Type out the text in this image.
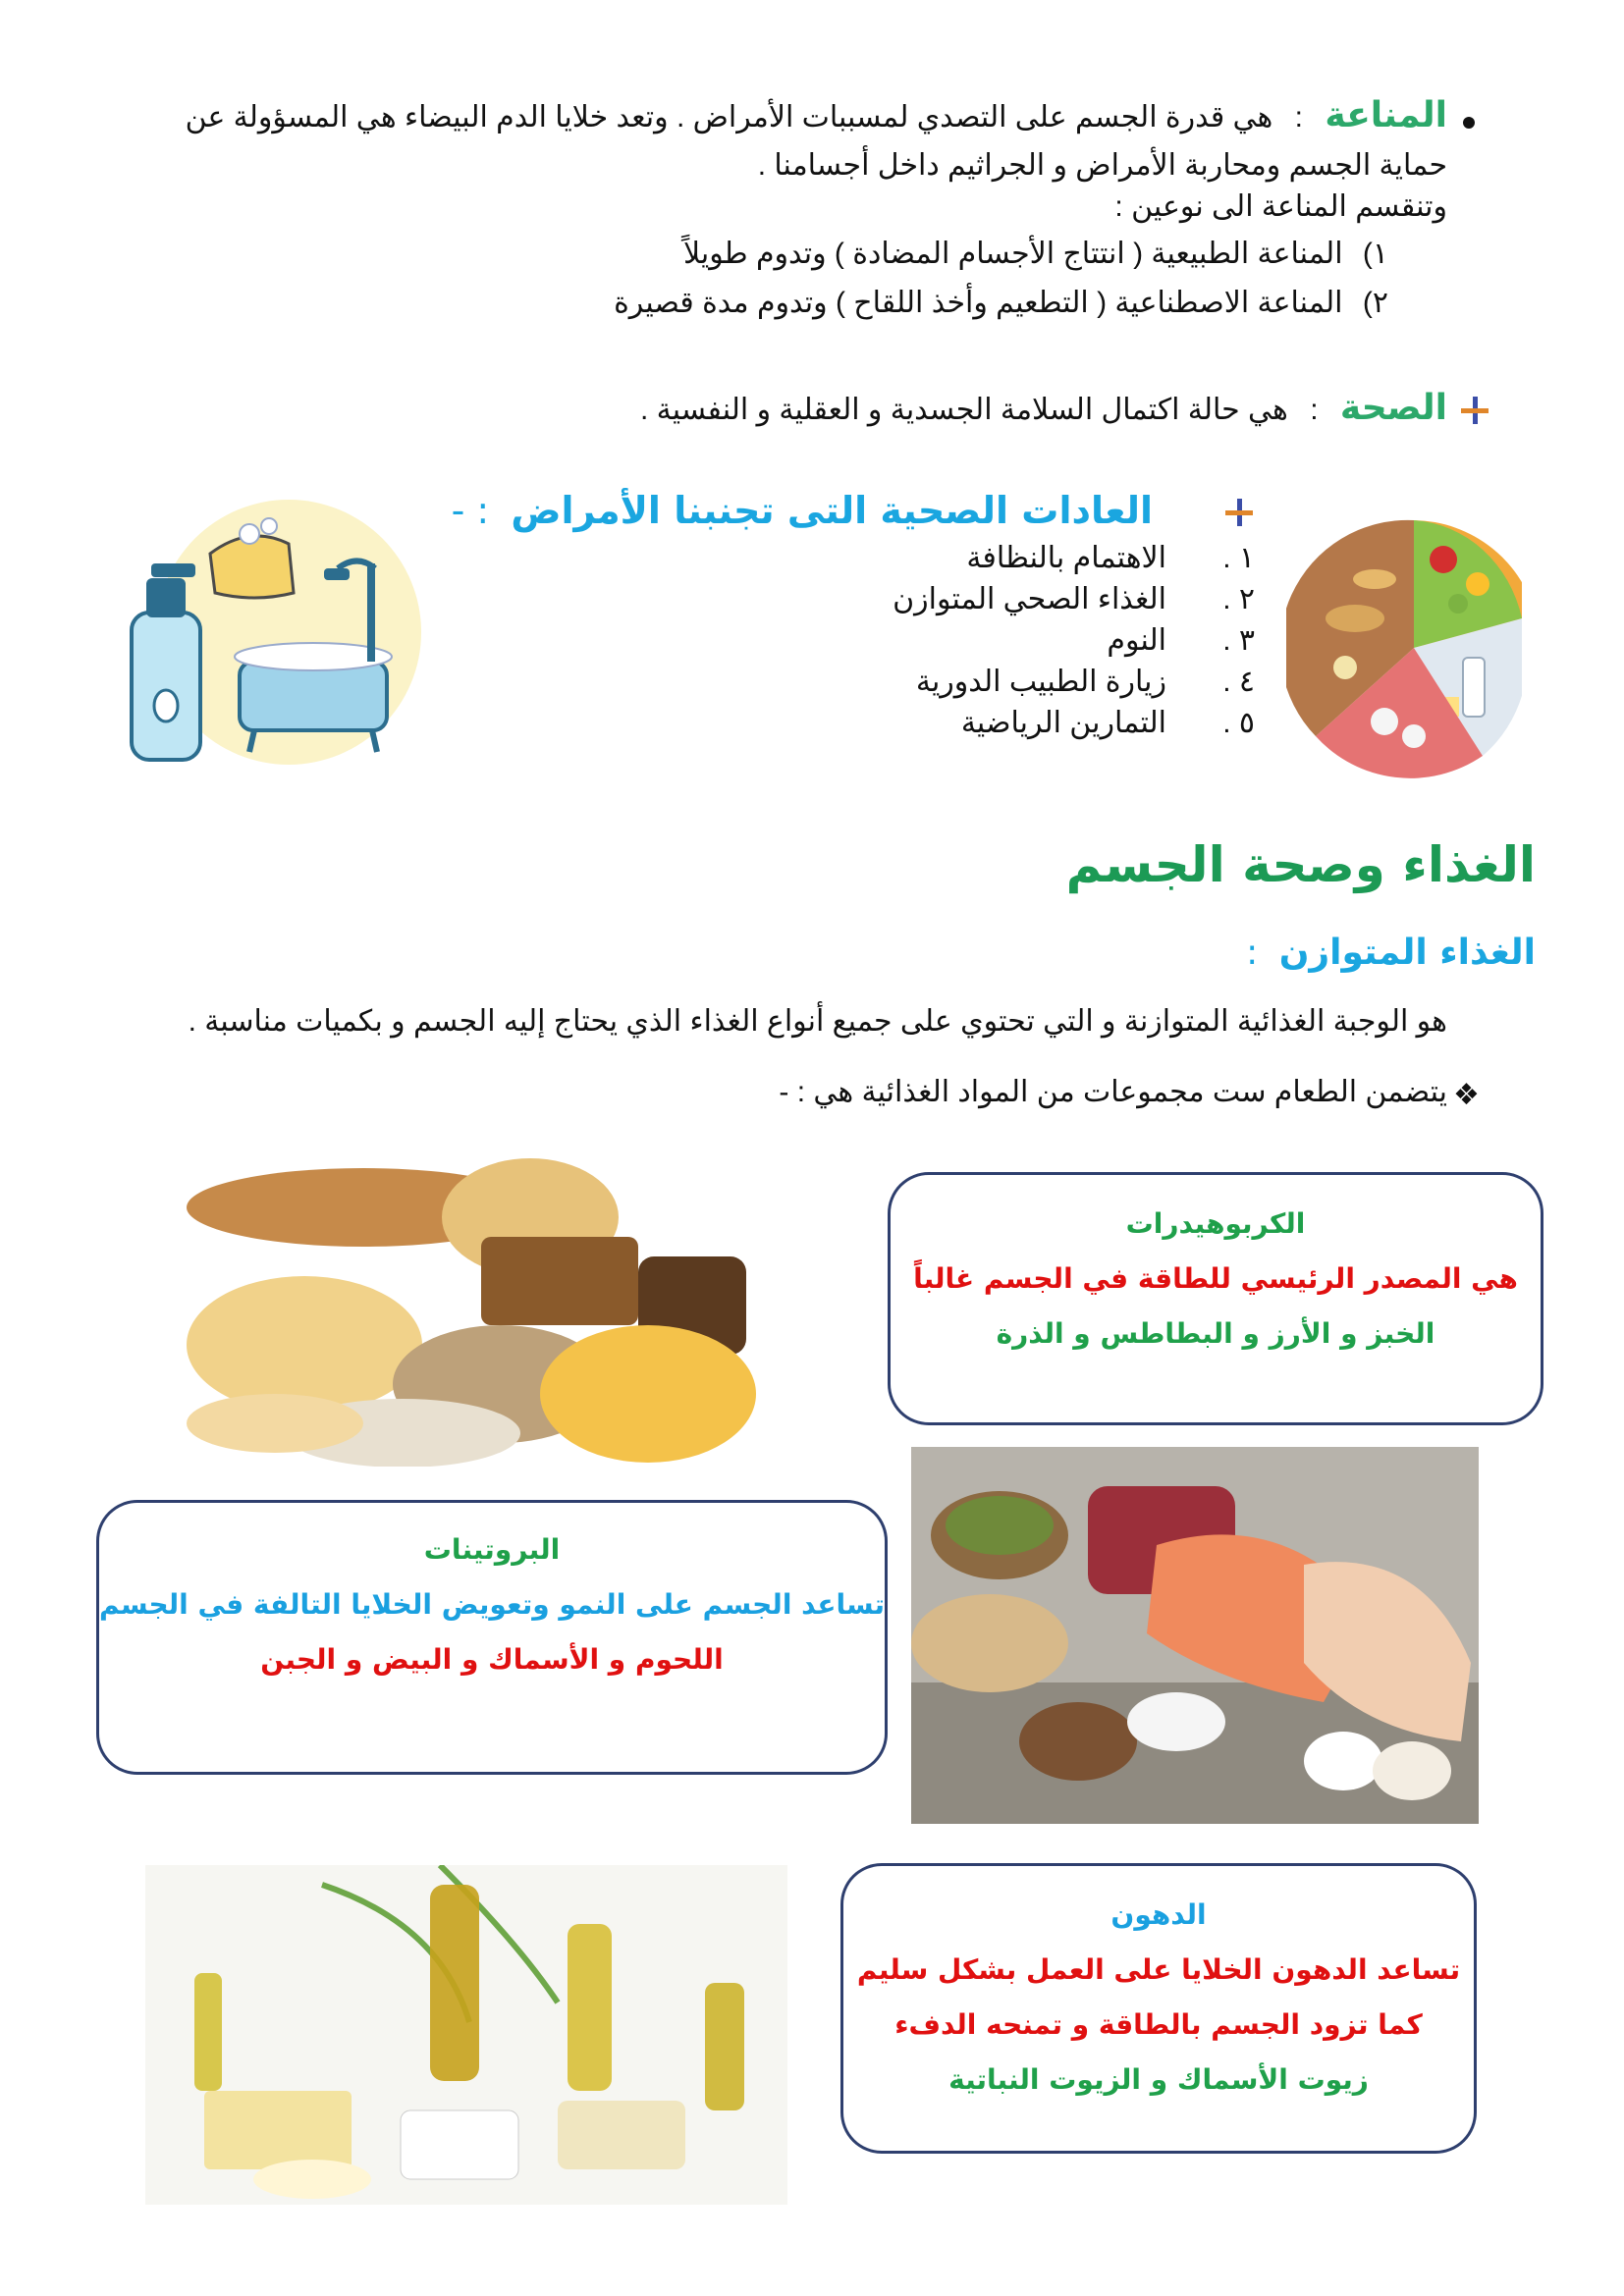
المناعة : هي قدرة الجسم على التصدي لمسببات الأمراض . وتعد خلايا الدم البيضاء هي المسؤولة عن
حماية الجسم ومحاربة الأمراض و الجراثيم داخل أجسامنا .
وتنقسم المناعة الى نوعين :
١) المناعة الطبيعية ( انتتاج الأجسام المضادة ) وتدوم طويلاً
٢) المناعة الاصطناعية ( التطعيم وأخذ اللقاح ) وتدوم مدة قصيرة
الصحة : هي حالة اكتمال السلامة الجسدية و العقلية و النفسية .
العادات الصحية التى تجنبنا الأمراض : -
١ .الاهتمام بالنظافة
٢ .الغذاء الصحي المتوازن
٣ .النوم
٤ .زيارة الطبيب الدورية
٥ .التمارين الرياضية
الغذاء وصحة الجسم
الغذاء المتوازن :
هو الوجبة الغذائية المتوازنة و التي تحتوي على جميع أنواع الغذاء الذي يحتاج إليه الجسم و بكميات مناسبة .
❖
يتضمن الطعام ست مجموعات من المواد الغذائية هي : -
الكربوهيدرات
هي المصدر الرئيسي للطاقة في الجسم غالباً
الخبز و الأرز و البطاطس و الذرة
البروتينات
تساعد الجسم على النمو وتعويض الخلايا التالفة في الجسم
اللحوم و الأسماك و البيض و الجبن
الدهون
تساعد الدهون الخلايا على العمل بشكل سليم
كما تزود الجسم بالطاقة و تمنحه الدفء
زيوت الأسماك و الزيوت النباتية
